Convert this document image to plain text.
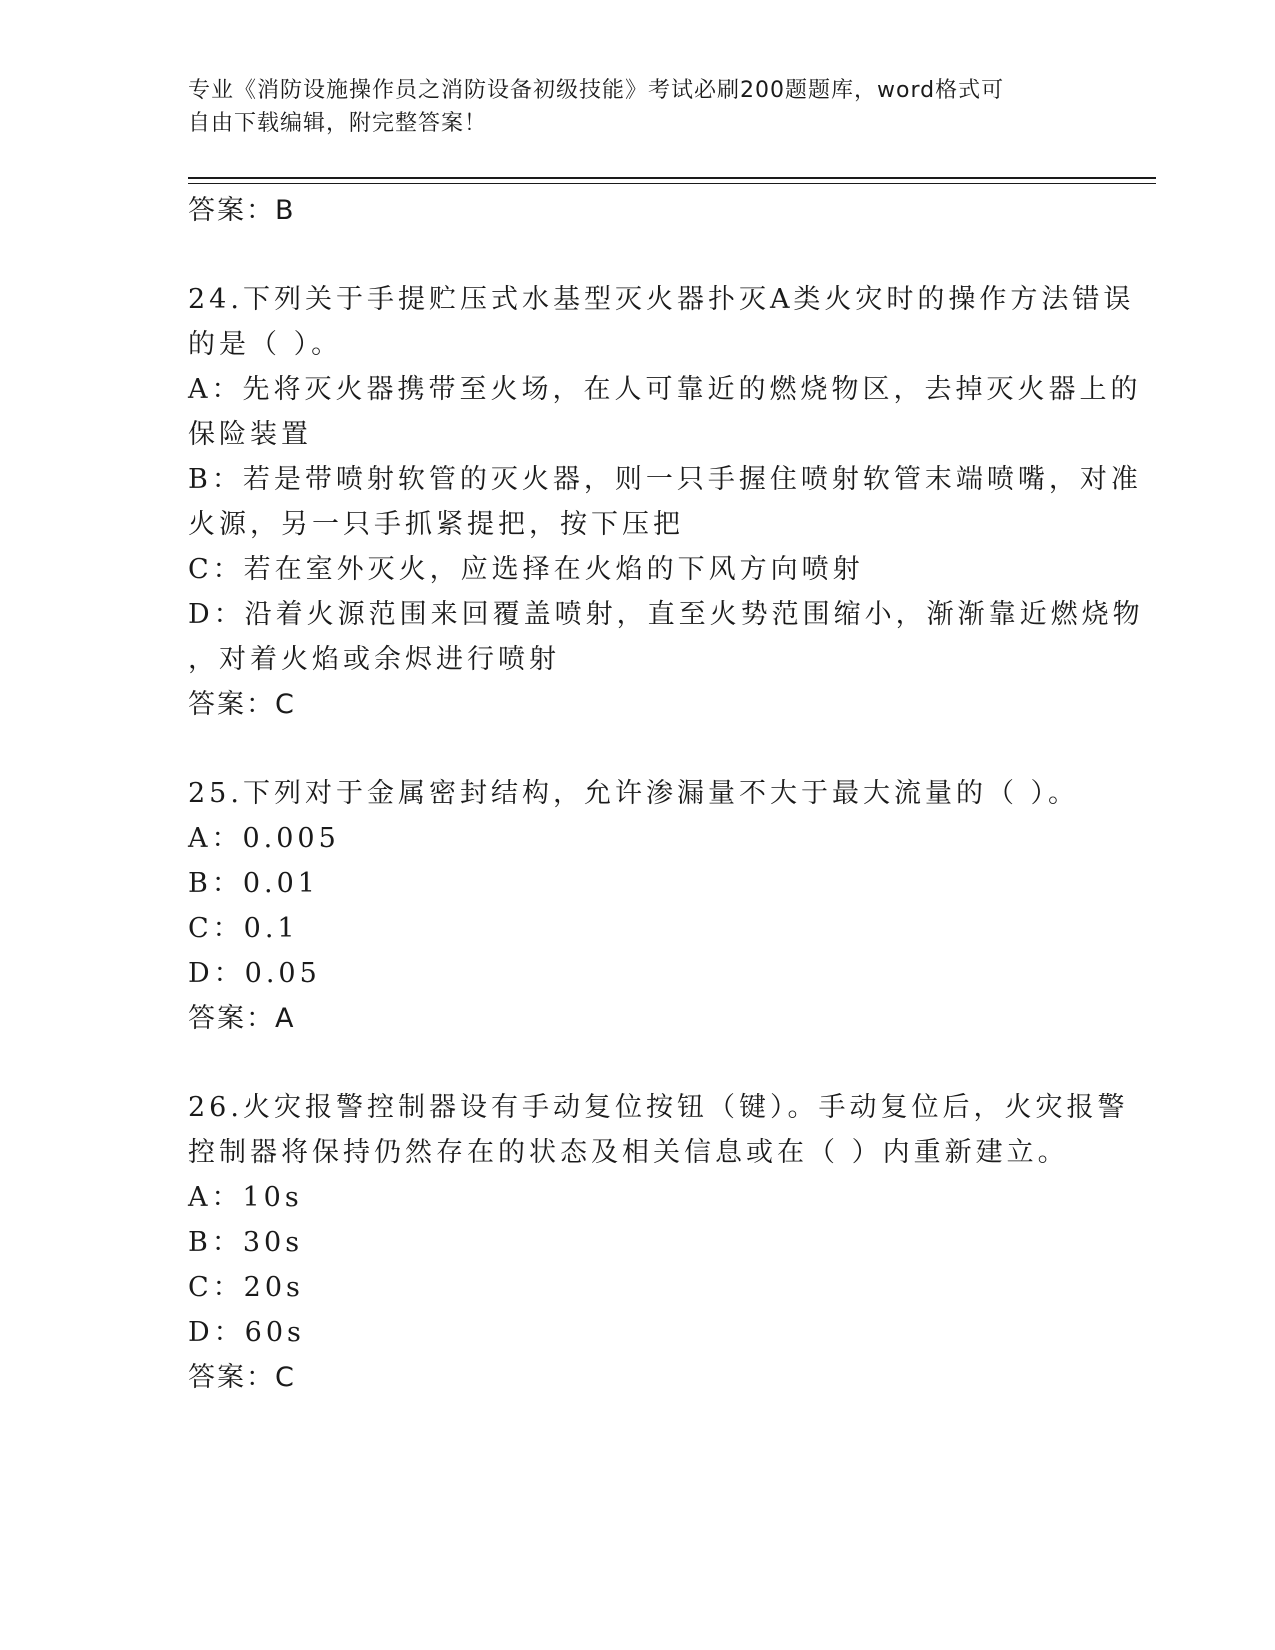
专业《消防设施操作员之消防设备初级技能》考试必刷200题题库，word格式可
自由下载编辑，附完整答案！
答案：B
24.下列关于手提贮压式水基型灭火器扑灭A类火灾时的操作方法错误
的是（ ）。
A：先将灭火器携带至火场，在人可靠近的燃烧物区，去掉灭火器上的
保险装置
B：若是带喷射软管的灭火器，则一只手握住喷射软管末端喷嘴，对准
火源，另一只手抓紧提把，按下压把
C：若在室外灭火，应选择在火焰的下风方向喷射
D：沿着火源范围来回覆盖喷射，直至火势范围缩小，渐渐靠近燃烧物
，对着火焰或余烬进行喷射
答案：C
25.下列对于金属密封结构，允许渗漏量不大于最大流量的（ ）。
A：0.005
B：0.01
C：0.1
D：0.05
答案：A
26.火灾报警控制器设有手动复位按钮（键）。手动复位后，火灾报警
控制器将保持仍然存在的状态及相关信息或在（ ）内重新建立。
A：10s
B：30s
C：20s
D：60s
答案：C
